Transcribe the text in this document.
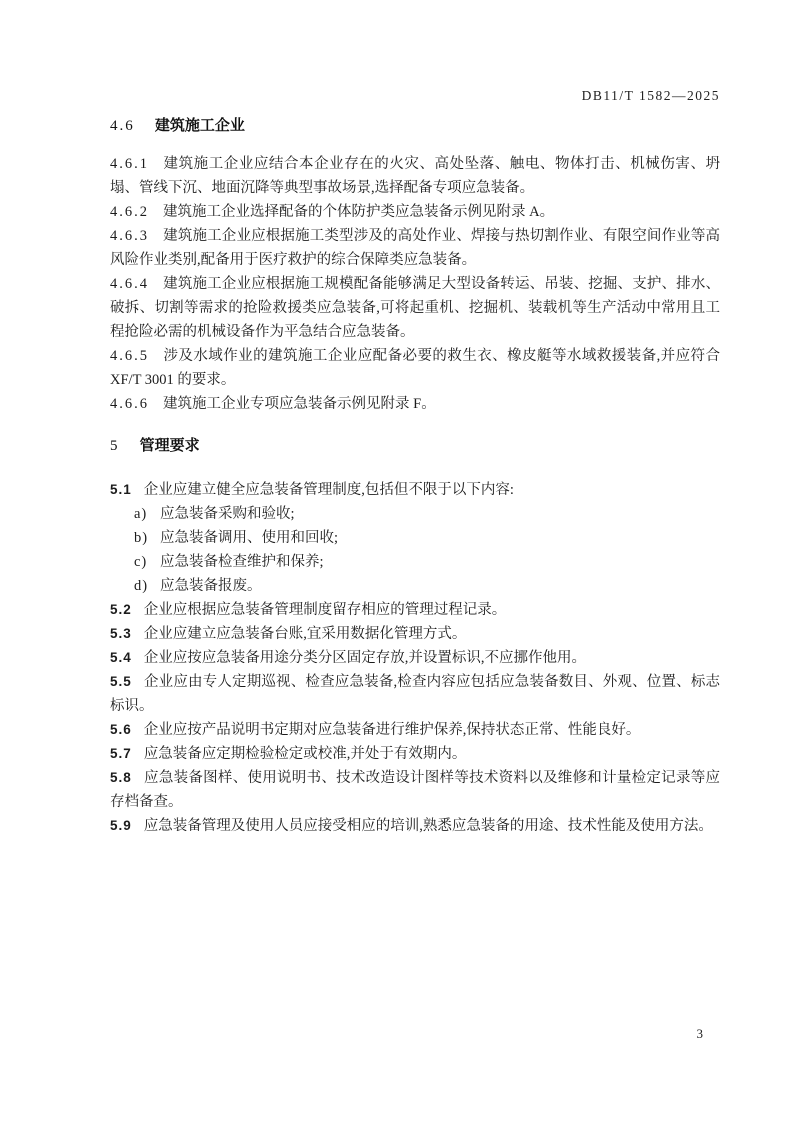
DB11/T 1582—2025
4.6 建筑施工企业

4.6.1 建筑施工企业应结合本企业存在的火灾、高处坠落、触电、物体打击、机械伤害、坍塌、管线下沉、地面沉降等典型事故场景,选择配备专项应急装备。

4.6.2 建筑施工企业选择配备的个体防护类应急装备示例见附录 A。

4.6.3 建筑施工企业应根据施工类型涉及的高处作业、焊接与热切割作业、有限空间作业等高风险作业类别,配备用于医疗救护的综合保障类应急装备。

4.6.4 建筑施工企业应根据施工规模配备能够满足大型设备转运、吊装、挖掘、支护、排水、破拆、切割等需求的抢险救援类应急装备,可将起重机、挖掘机、装载机等生产活动中常用且工程抢险必需的机械设备作为平急结合应急装备。

4.6.5 涉及水域作业的建筑施工企业应配备必要的救生衣、橡皮艇等水域救援装备,并应符合 XF/T 3001 的要求。

4.6.6 建筑施工企业专项应急装备示例见附录 F。

5 管理要求

5.1 企业应建立健全应急装备管理制度,包括但不限于以下内容:

a) 应急装备采购和验收;
b) 应急装备调用、使用和回收;
c) 应急装备检查维护和保养;
d) 应急装备报废。

5.2 企业应根据应急装备管理制度留存相应的管理过程记录。

5.3 企业应建立应急装备台账,宜采用数据化管理方式。

5.4 企业应按应急装备用途分类分区固定存放,并设置标识,不应挪作他用。

5.5 企业应由专人定期巡视、检查应急装备,检查内容应包括应急装备数目、外观、位置、标志标识。

5.6 企业应按产品说明书定期对应急装备进行维护保养,保持状态正常、性能良好。

5.7 应急装备应定期检验检定或校准,并处于有效期内。

5.8 应急装备图样、使用说明书、技术改造设计图样等技术资料以及维修和计量检定记录等应存档备查。

5.9 应急装备管理及使用人员应接受相应的培训,熟悉应急装备的用途、技术性能及使用方法。

3
